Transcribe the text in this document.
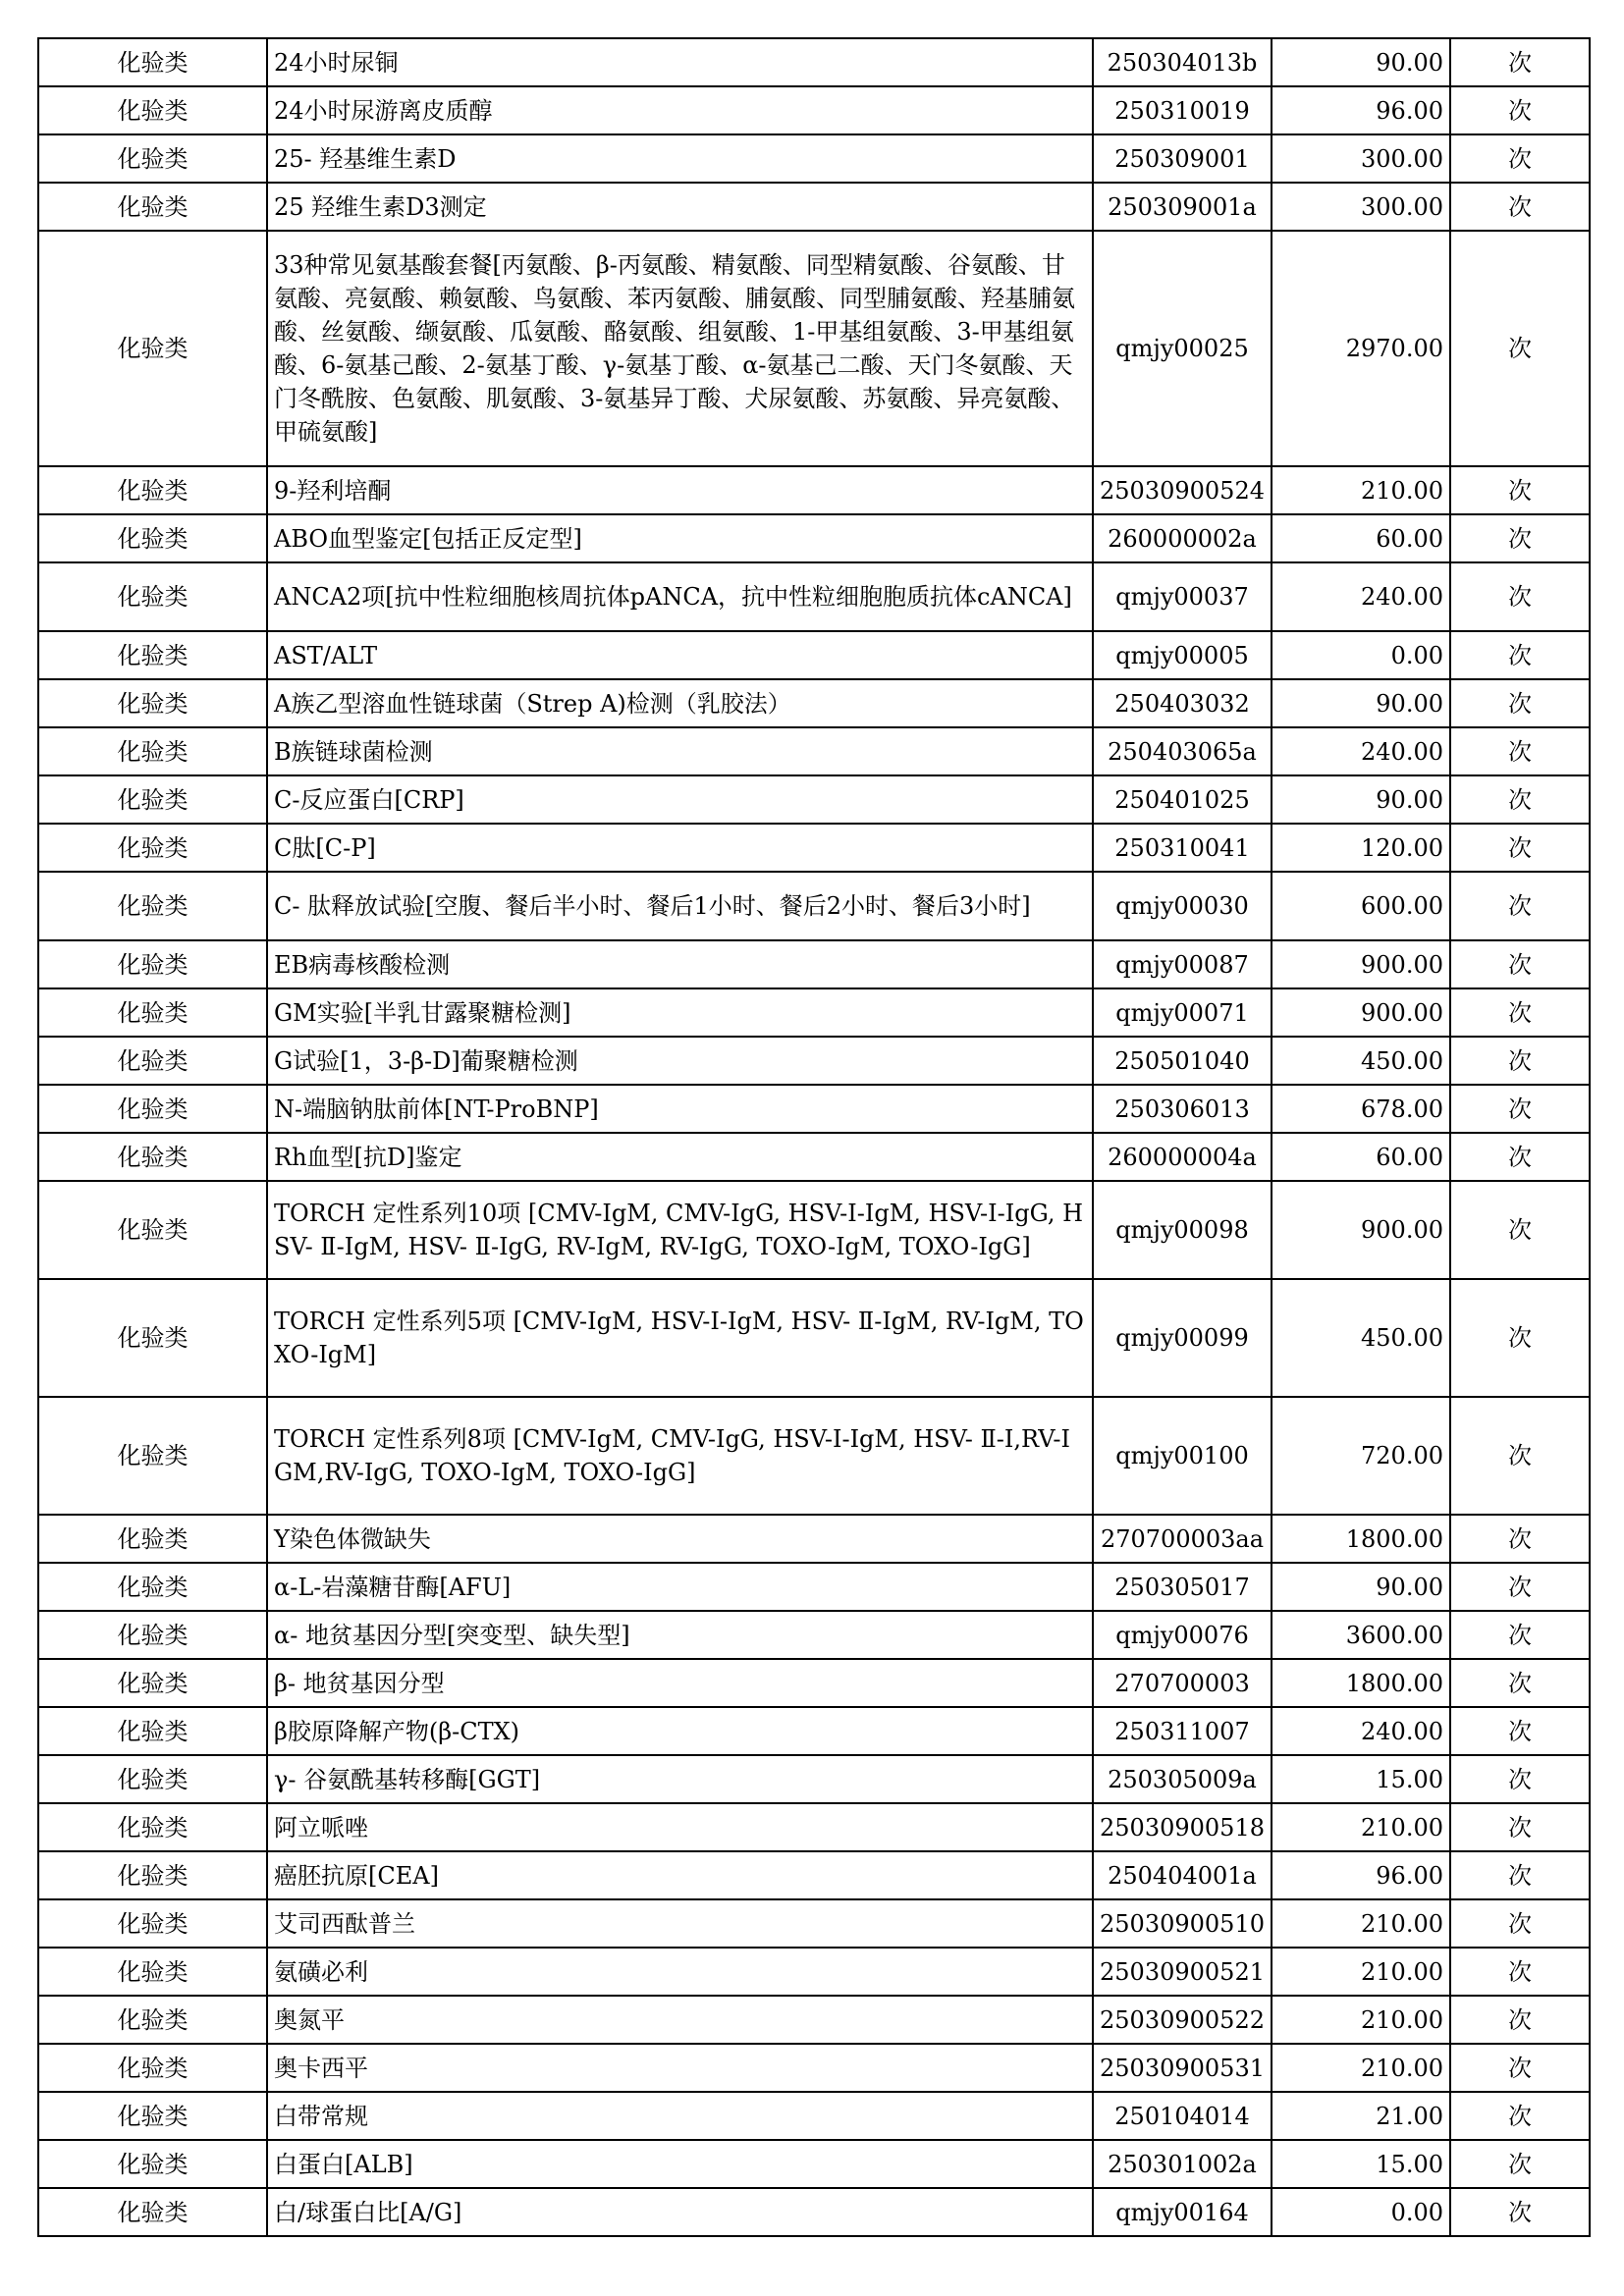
化验类	24小时尿铜	250304013b	90.00	次
化验类	24小时尿游离皮质醇	250310019	96.00	次
化验类	25- 羟基维生素D	250309001	300.00	次
化验类	25 羟维生素D3测定	250309001a	300.00	次
化验类	33种常见氨基酸套餐[丙氨酸、β-丙氨酸、精氨酸、同型精氨酸、谷氨酸、甘氨酸、亮氨酸、赖氨酸、鸟氨酸、苯丙氨酸、脯氨酸、同型脯氨酸、羟基脯氨酸、丝氨酸、缬氨酸、瓜氨酸、酪氨酸、组氨酸、1-甲基组氨酸、3-甲基组氨酸、6-氨基己酸、2-氨基丁酸、γ-氨基丁酸、α-氨基己二酸、天门冬氨酸、天门冬酰胺、色氨酸、肌氨酸、3-氨基异丁酸、犬尿氨酸、苏氨酸、异亮氨酸、甲硫氨酸]	qmjy00025	2970.00	次
化验类	9-羟利培酮	25030900524	210.00	次
化验类	ABO血型鉴定[包括正反定型]	260000002a	60.00	次
化验类	ANCA2项[抗中性粒细胞核周抗体pANCA，抗中性粒细胞胞质抗体cANCA]	qmjy00037	240.00	次
化验类	AST/ALT	qmjy00005	0.00	次
化验类	A族乙型溶血性链球菌（Strep A)检测（乳胶法）	250403032	90.00	次
化验类	B族链球菌检测	250403065a	240.00	次
化验类	C-反应蛋白[CRP]	250401025	90.00	次
化验类	C肽[C-P]	250310041	120.00	次
化验类	C- 肽释放试验[空腹、餐后半小时、餐后1小时、餐后2小时、餐后3小时]	qmjy00030	600.00	次
化验类	EB病毒核酸检测	qmjy00087	900.00	次
化验类	GM实验[半乳甘露聚糖检测]	qmjy00071	900.00	次
化验类	G试验[1，3-β-D]葡聚糖检测	250501040	450.00	次
化验类	N-端脑钠肽前体[NT-ProBNP]	250306013	678.00	次
化验类	Rh血型[抗D]鉴定	260000004a	60.00	次
化验类	TORCH 定性系列10项 [CMV-IgM, CMV-IgG, HSV-Ⅰ-IgM, HSV-Ⅰ-IgG, HSV- Ⅱ-IgM, HSV- Ⅱ-IgG, RV-IgM, RV-IgG, TOXO-IgM, TOXO-IgG]	qmjy00098	900.00	次
化验类	TORCH 定性系列5项 [CMV-IgM, HSV-Ⅰ-IgM, HSV- Ⅱ-IgM, RV-IgM, TOXO-IgM]	qmjy00099	450.00	次
化验类	TORCH 定性系列8项 [CMV-IgM, CMV-IgG, HSV-Ⅰ-IgM, HSV- Ⅱ-I,RV-IGM,RV-IgG, TOXO-IgM, TOXO-IgG]	qmjy00100	720.00	次
化验类	Y染色体微缺失	270700003aa	1800.00	次
化验类	α-L-岩藻糖苷酶[AFU]	250305017	90.00	次
化验类	α- 地贫基因分型[突变型、缺失型]	qmjy00076	3600.00	次
化验类	β- 地贫基因分型	270700003	1800.00	次
化验类	β胶原降解产物(β-CTX)	250311007	240.00	次
化验类	γ- 谷氨酰基转移酶[GGT]	250305009a	15.00	次
化验类	阿立哌唑	25030900518	210.00	次
化验类	癌胚抗原[CEA]	250404001a	96.00	次
化验类	艾司西酞普兰	25030900510	210.00	次
化验类	氨磺必利	25030900521	210.00	次
化验类	奥氮平	25030900522	210.00	次
化验类	奥卡西平	25030900531	210.00	次
化验类	白带常规	250104014	21.00	次
化验类	白蛋白[ALB]	250301002a	15.00	次
化验类	白/球蛋白比[A/G]	qmjy00164	0.00	次
